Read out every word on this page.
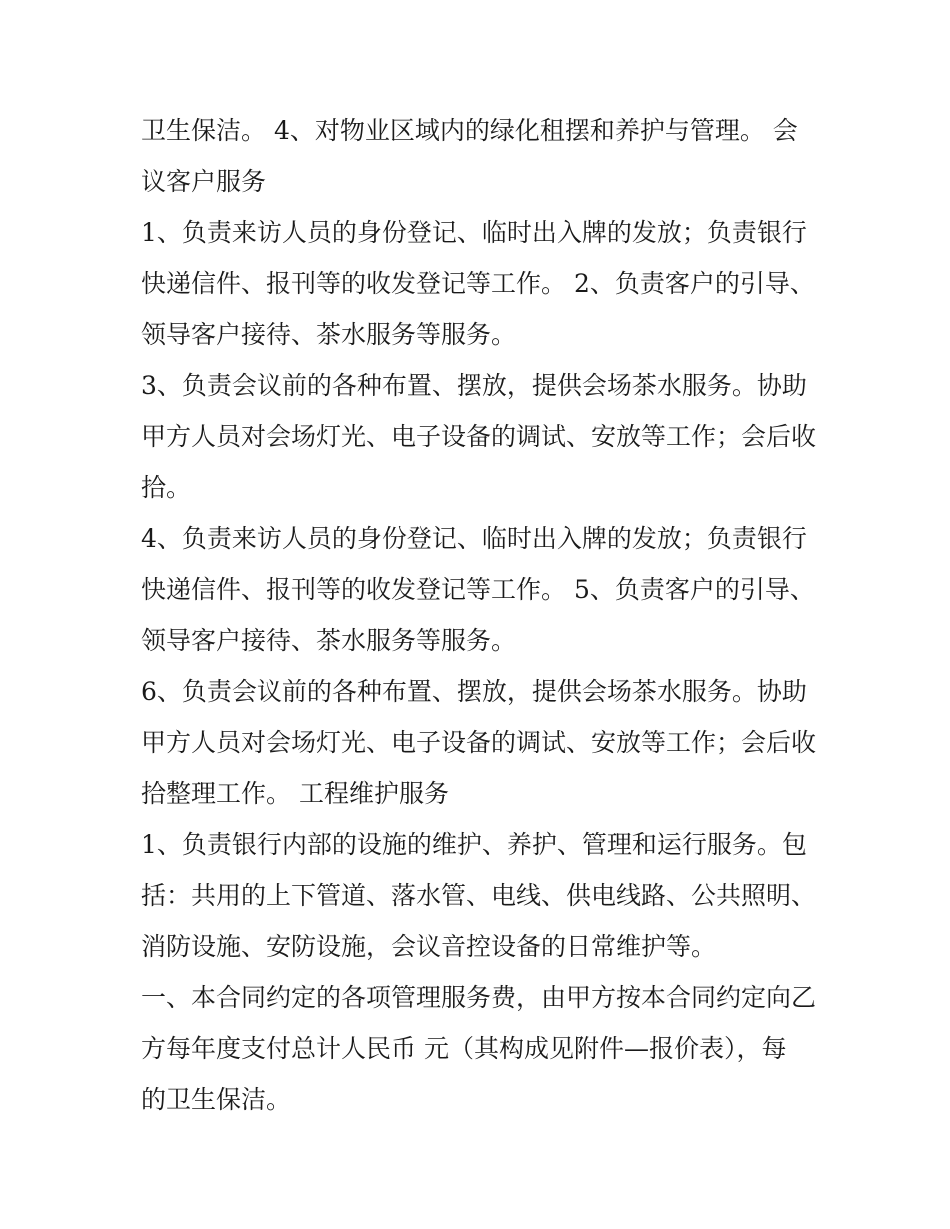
卫生保洁。 4、对物业区域内的绿化租摆和养护与管理。 会
议客户服务
1、负责来访人员的身份登记、临时出入牌的发放；负责银行
快递信件、报刊等的收发登记等工作。 2、负责客户的引导、
领导客户接待、茶水服务等服务。
3、负责会议前的各种布置、摆放，提供会场茶水服务。协助
甲方人员对会场灯光、电子设备的调试、安放等工作；会后收
拾。
4、负责来访人员的身份登记、临时出入牌的发放；负责银行
快递信件、报刊等的收发登记等工作。 5、负责客户的引导、
领导客户接待、茶水服务等服务。
6、负责会议前的各种布置、摆放，提供会场茶水服务。协助
甲方人员对会场灯光、电子设备的调试、安放等工作；会后收
拾整理工作。 工程维护服务
1、负责银行内部的设施的维护、养护、管理和运行服务。包
括：共用的上下管道、落水管、电线、供电线路、公共照明、
消防设施、安防设施，会议音控设备的日常维护等。
一、本合同约定的各项管理服务费，由甲方按本合同约定向乙
方每年度支付总计人民币 元（其构成见附件—报价表），每
的卫生保洁。
